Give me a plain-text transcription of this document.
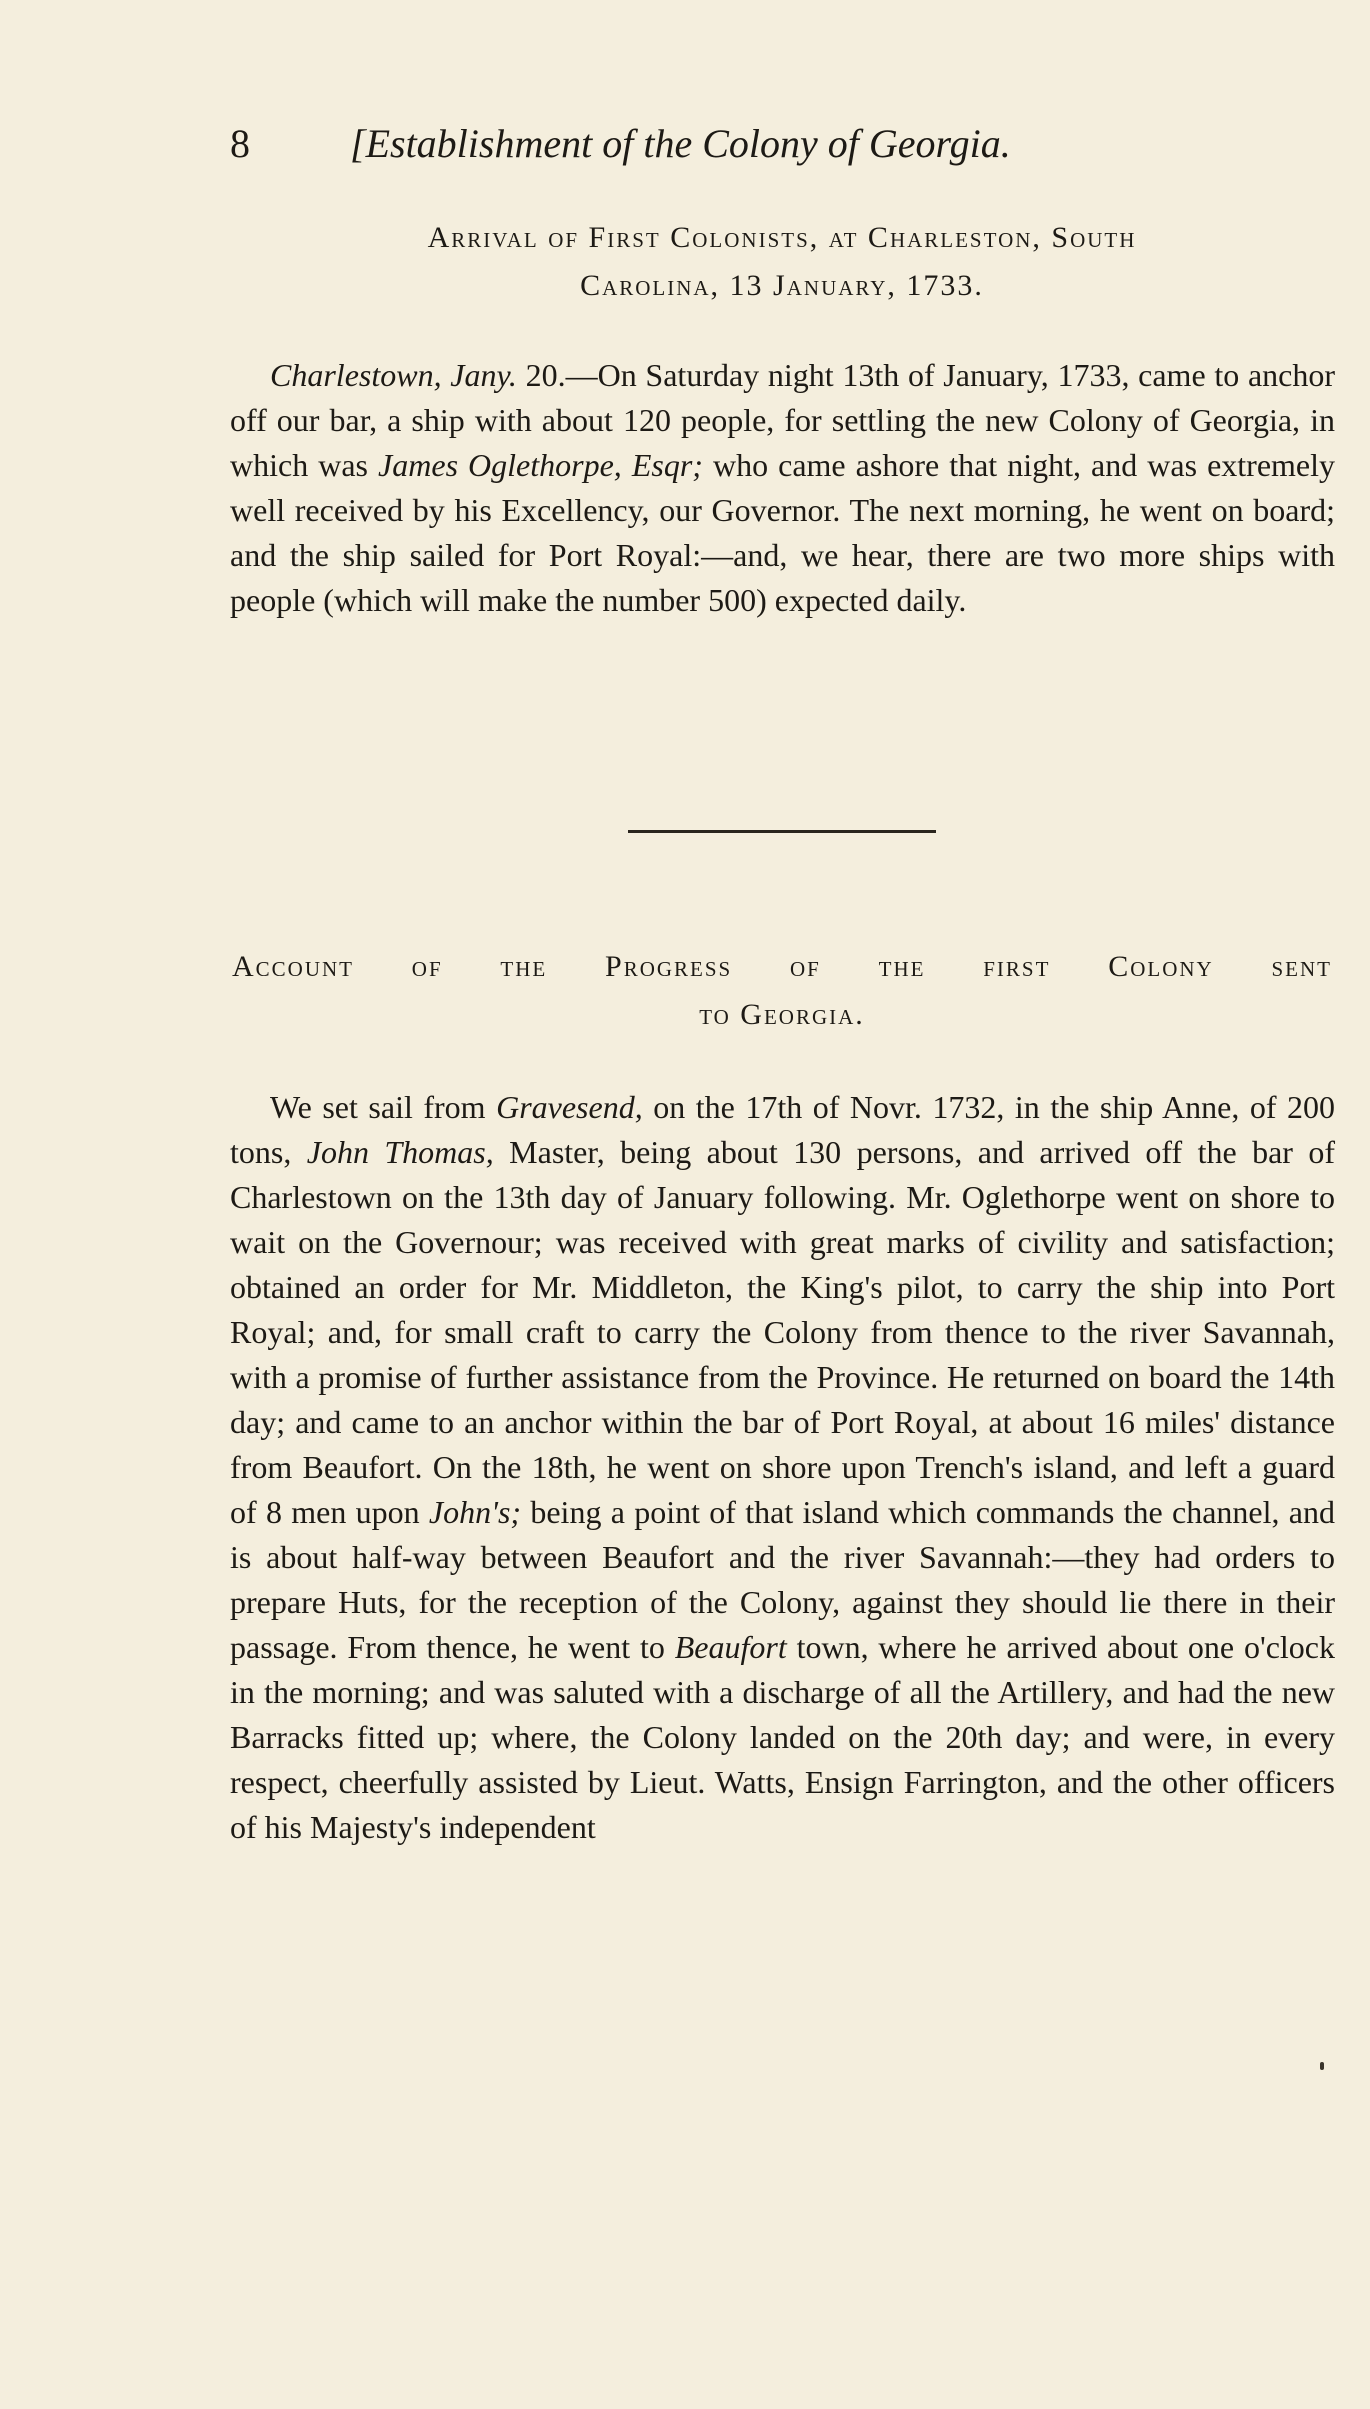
8	[Establishment of the Colony of Georgia.
Arrival of First Colonists, at Charleston, South
Carolina, 13 January, 1733.

Charlestown, Jany. 20.—On Saturday night 13th of January, 1733, came to anchor off our bar, a ship with about 120 people, for settling the new Colony of Georgia, in which was James Oglethorpe, Esqr; who came ashore that night, and was extremely well received by his Excellency, our Governor. The next morning, he went on board; and the ship sailed for Port Royal:—and, we hear, there are two more ships with people (which will make the number 500) expected daily.

Account of the Progress of the first Colony sent
to Georgia.

We set sail from Gravesend, on the 17th of Novr. 1732, in the ship Anne, of 200 tons, John Thomas, Master, being about 130 persons, and arrived off the bar of Charlestown on the 13th day of January following. Mr. Oglethorpe went on shore to wait on the Governour; was received with great marks of civility and satisfaction; obtained an order for Mr. Middleton, the King's pilot, to carry the ship into Port Royal; and, for small craft to carry the Colony from thence to the river Savannah, with a promise of further assistance from the Province. He returned on board the 14th day; and came to an anchor within the bar of Port Royal, at about 16 miles' distance from Beaufort. On the 18th, he went on shore upon Trench's island, and left a guard of 8 men upon John's; being a point of that island which commands the channel, and is about half-way between Beaufort and the river Savannah:—they had orders to prepare Huts, for the reception of the Colony, against they should lie there in their passage. From thence, he went to Beaufort town, where he arrived about one o'clock in the morning; and was saluted with a discharge of all the Artillery, and had the new Barracks fitted up; where, the Colony landed on the 20th day; and were, in every respect, cheerfully assisted by Lieut. Watts, Ensign Farrington, and the other officers of his Majesty's independent
